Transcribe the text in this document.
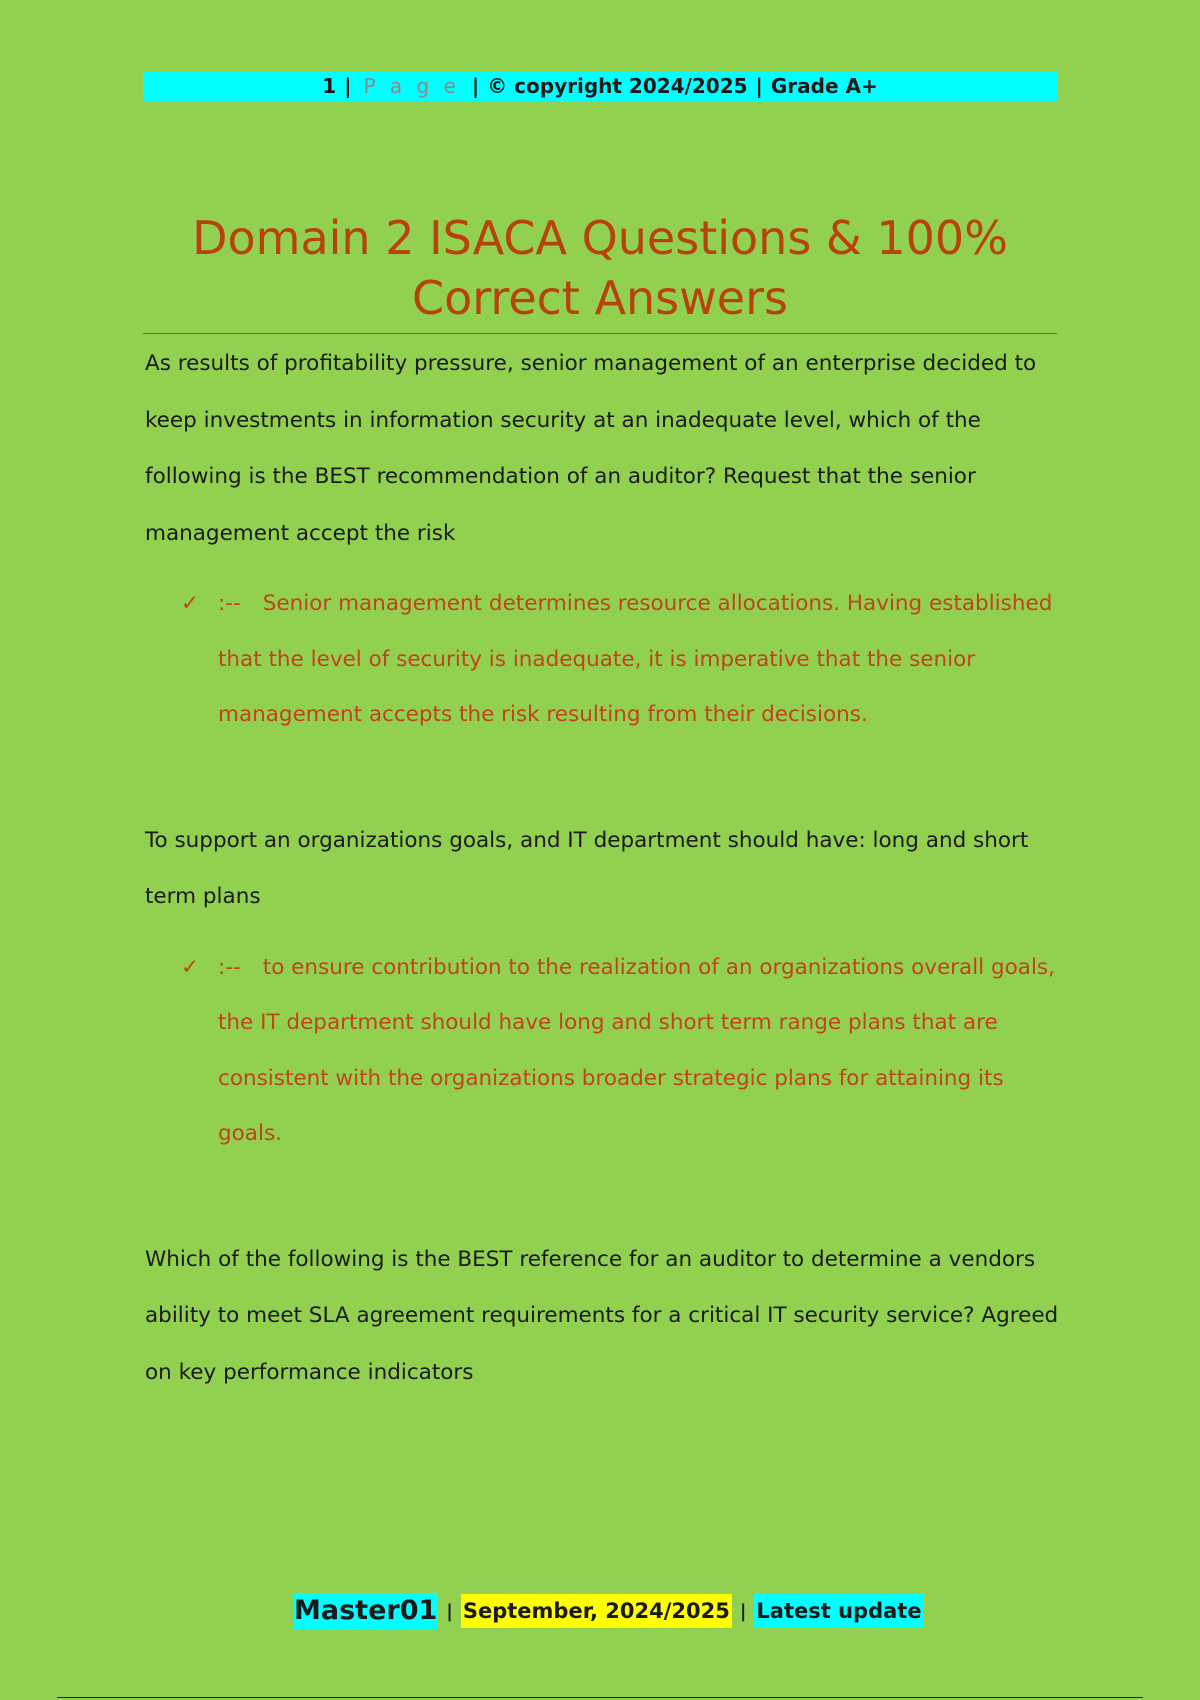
1 | P a g e | © copyright 2024/2025 | Grade A+
Domain 2 ISACA Questions & 100%
Correct Answers

As results of profitability pressure, senior management of an enterprise decided to keep investments in information security at an inadequate level, which of the following is the BEST recommendation of an auditor? Request that the senior management accept the risk

✓ :-- Senior management determines resource allocations. Having established that the level of security is inadequate, it is imperative that the senior management accepts the risk resulting from their decisions.

To support an organizations goals, and IT department should have: long and short term plans

✓ :-- to ensure contribution to the realization of an organizations overall goals, the IT department should have long and short term range plans that are consistent with the organizations broader strategic plans for attaining its goals.

Which of the following is the BEST reference for an auditor to determine a vendors ability to meet SLA agreement requirements for a critical IT security service? Agreed on key performance indicators

Master01 | September, 2024/2025 | Latest update
